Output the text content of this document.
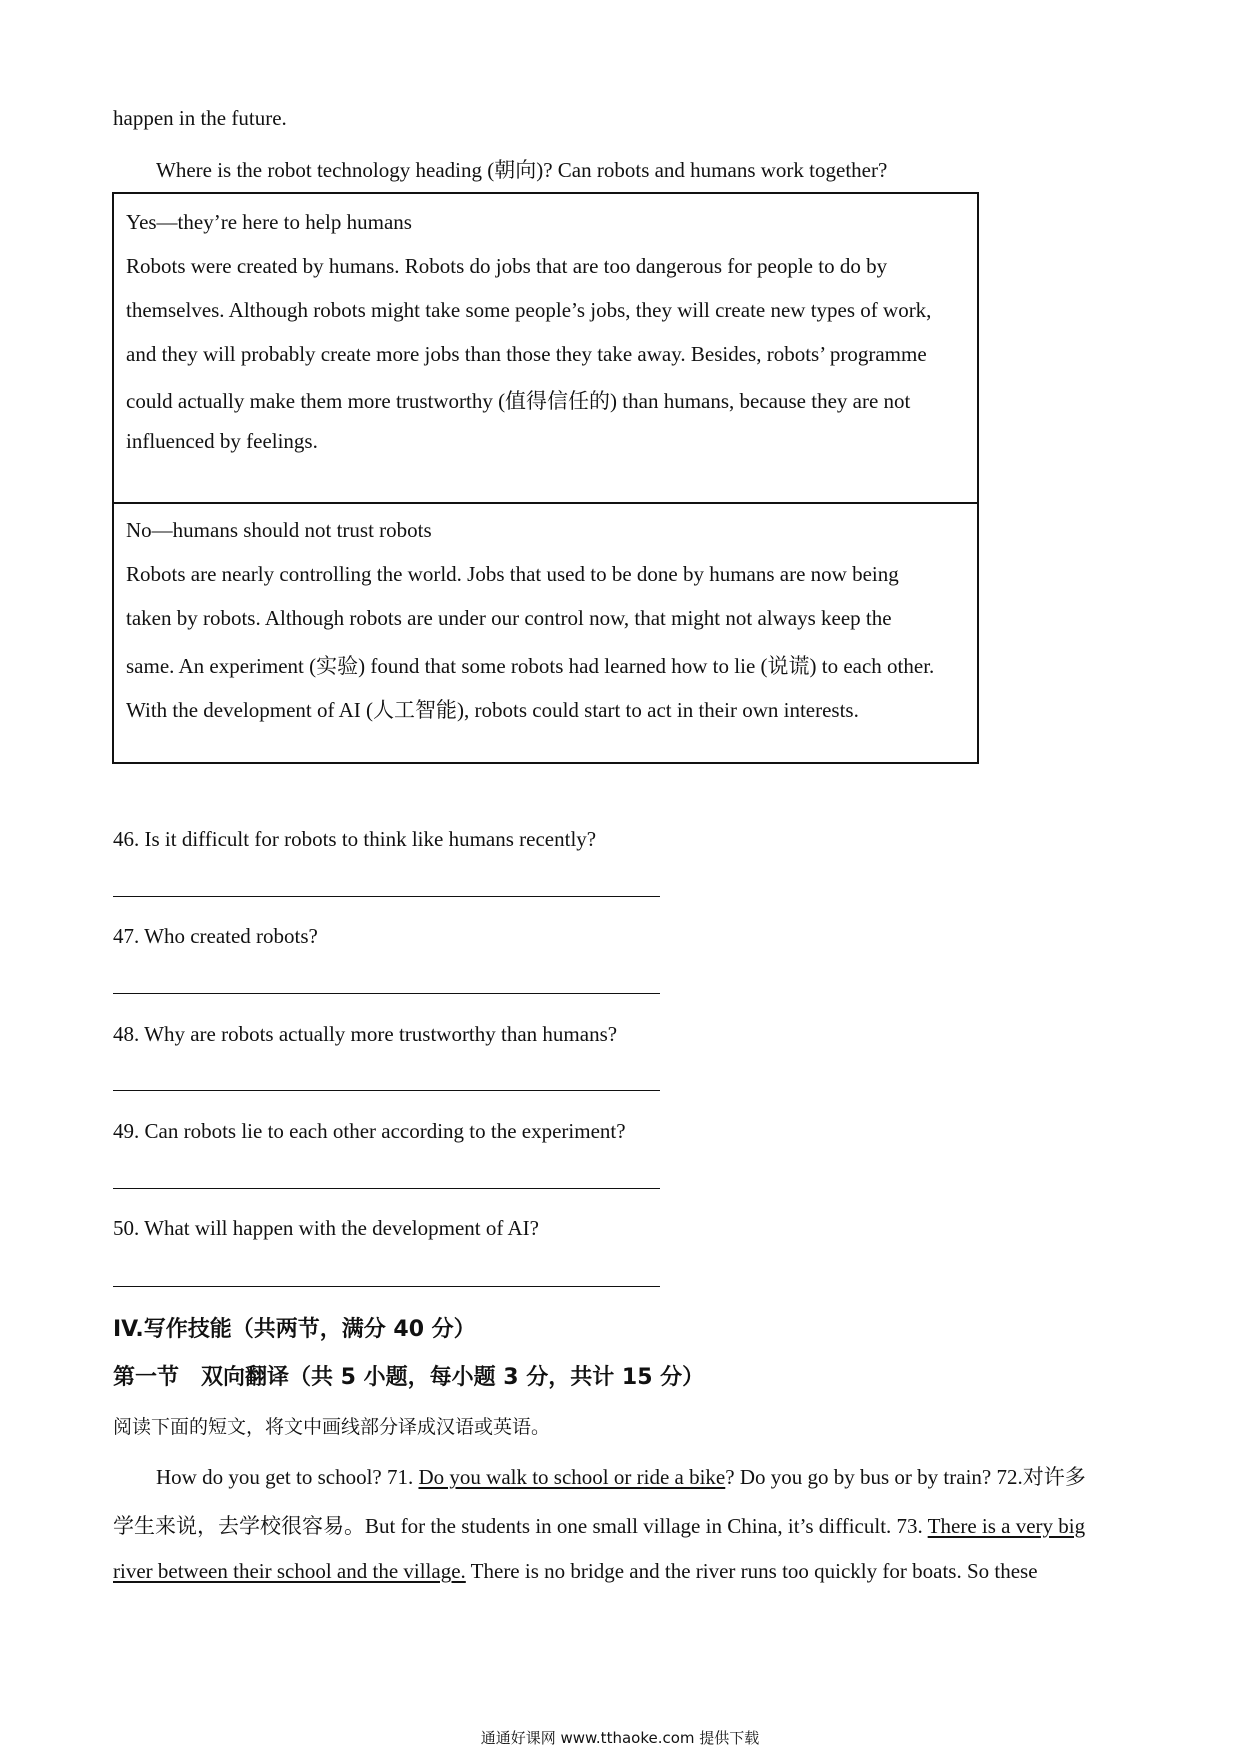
happen in the future.
Where is the robot technology heading (朝向)? Can robots and humans work together?
Yes—they’re here to help humans
Robots were created by humans. Robots do jobs that are too dangerous for people to do by
themselves. Although robots might take some people’s jobs, they will create new types of work,
and they will probably create more jobs than those they take away. Besides, robots’ programme
could actually make them more trustworthy (值得信任的) than humans, because they are not
influenced by feelings.
No—humans should not trust robots
Robots are nearly controlling the world. Jobs that used to be done by humans are now being
taken by robots. Although robots are under our control now, that might not always keep the
same. An experiment (实验) found that some robots had learned how to lie (说谎) to each other.
With the development of AI (人工智能), robots could start to act in their own interests.
46. Is it difficult for robots to think like humans recently?
47. Who created robots?
48. Why are robots actually more trustworthy than humans?
49. Can robots lie to each other according to the experiment?
50. What will happen with the development of AI?
IV.写作技能（共两节，满分 40 分）
第一节　双向翻译（共 5 小题，每小题 3 分，共计 15 分）
阅读下面的短文，将文中画线部分译成汉语或英语。
How do you get to school? 71. Do you walk to school or ride a bike? Do you go by bus or by train? 72.对许多
学生来说，去学校很容易。But for the students in one small village in China, it’s difficult. 73. There is a very big
river between their school and the village. There is no bridge and the river runs too quickly for boats. So these
通通好课网 www.tthaoke.com 提供下载
